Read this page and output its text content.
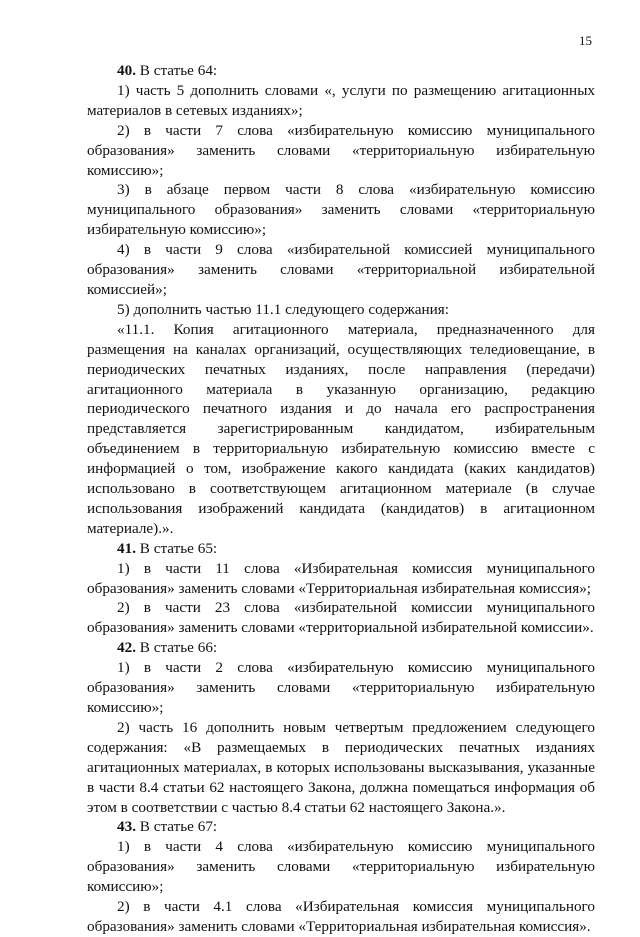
15

40. В статье 64:

1) часть 5 дополнить словами «, услуги по размещению агитационных материалов в сетевых изданиях»;

2) в части 7 слова «избирательную комиссию муниципального образования» заменить словами «территориальную избирательную комиссию»;

3) в абзаце первом части 8 слова «избирательную комиссию муниципального образования» заменить словами «территориальную избирательную комиссию»;

4) в части 9 слова «избирательной комиссией муниципального образования» заменить словами «территориальной избирательной комиссией»;

5) дополнить частью 11.1 следующего содержания:

«11.1. Копия агитационного материала, предназначенного для размещения на каналах организаций, осуществляющих теледиовещание, в периодических печатных изданиях, после направления (передачи) агитационного материала в указанную организацию, редакцию периодического печатного издания и до начала его распространения представляется зарегистрированным кандидатом, избирательным объединением в территориальную избирательную комиссию вместе с информацией о том, изображение какого кандидата (каких кандидатов) использовано в соответствующем агитационном материале (в случае использования изображений кандидата (кандидатов) в агитационном материале).».

41. В статье 65:

1) в части 11 слова «Избирательная комиссия муниципального образования» заменить словами «Территориальная избирательная комиссия»;

2) в части 23 слова «избирательной комиссии муниципального образования» заменить словами «территориальной избирательной комиссии».

42. В статье 66:

1) в части 2 слова «избирательную комиссию муниципального образования» заменить словами «территориальную избирательную комиссию»;

2) часть 16 дополнить новым четвертым предложением следующего содержания: «В размещаемых в периодических печатных изданиях агитационных материалах, в которых использованы высказывания, указанные в части 8.4 статьи 62 настоящего Закона, должна помещаться информация об этом в соответствии с частью 8.4 статьи 62 настоящего Закона.».

43. В статье 67:

1) в части 4 слова «избирательную комиссию муниципального образования» заменить словами «территориальную избирательную комиссию»;

2) в части 4.1 слова «Избирательная комиссия муниципального образования» заменить словами «Территориальная избирательная комиссия».
